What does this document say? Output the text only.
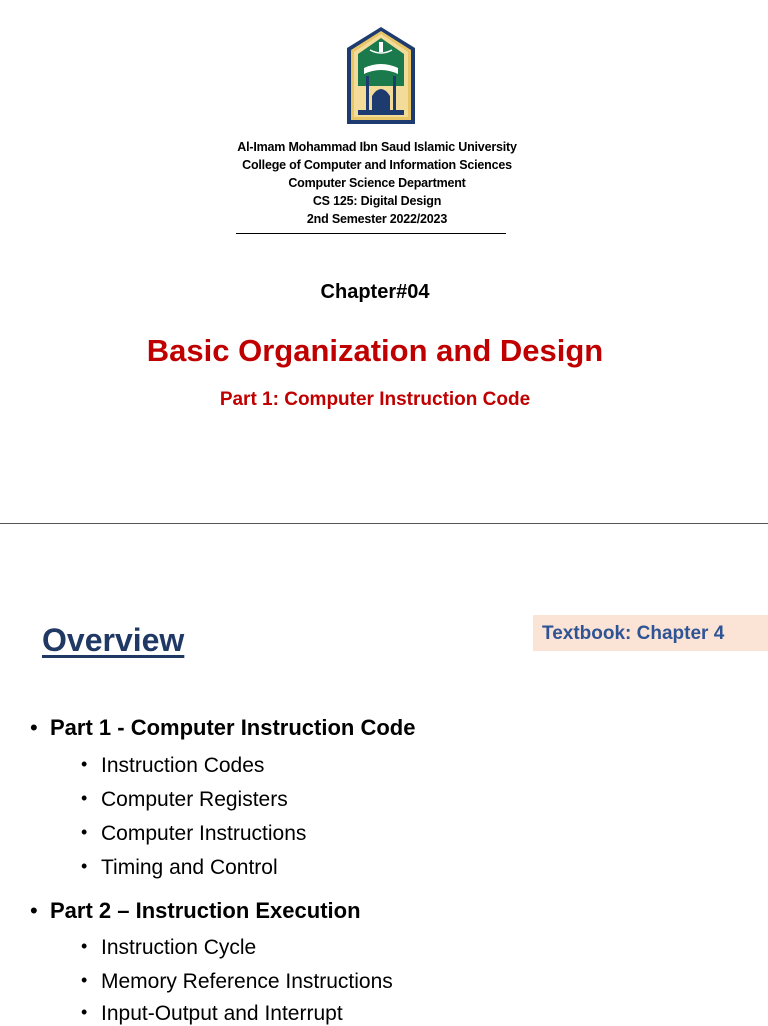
Al-Imam Mohammad Ibn Saud Islamic University
College of Computer and Information Sciences
Computer Science Department
CS 125: Digital Design
2nd Semester 2022/2023
Chapter#04
Basic Organization and Design
Part 1: Computer Instruction Code
Overview	Textbook: Chapter 4
• Part 1 - Computer Instruction Code
• Instruction Codes
• Computer Registers
• Computer Instructions
• Timing and Control
• Part 2 – Instruction Execution
• Instruction Cycle
• Memory Reference Instructions
• Input-Output and Interrupt
